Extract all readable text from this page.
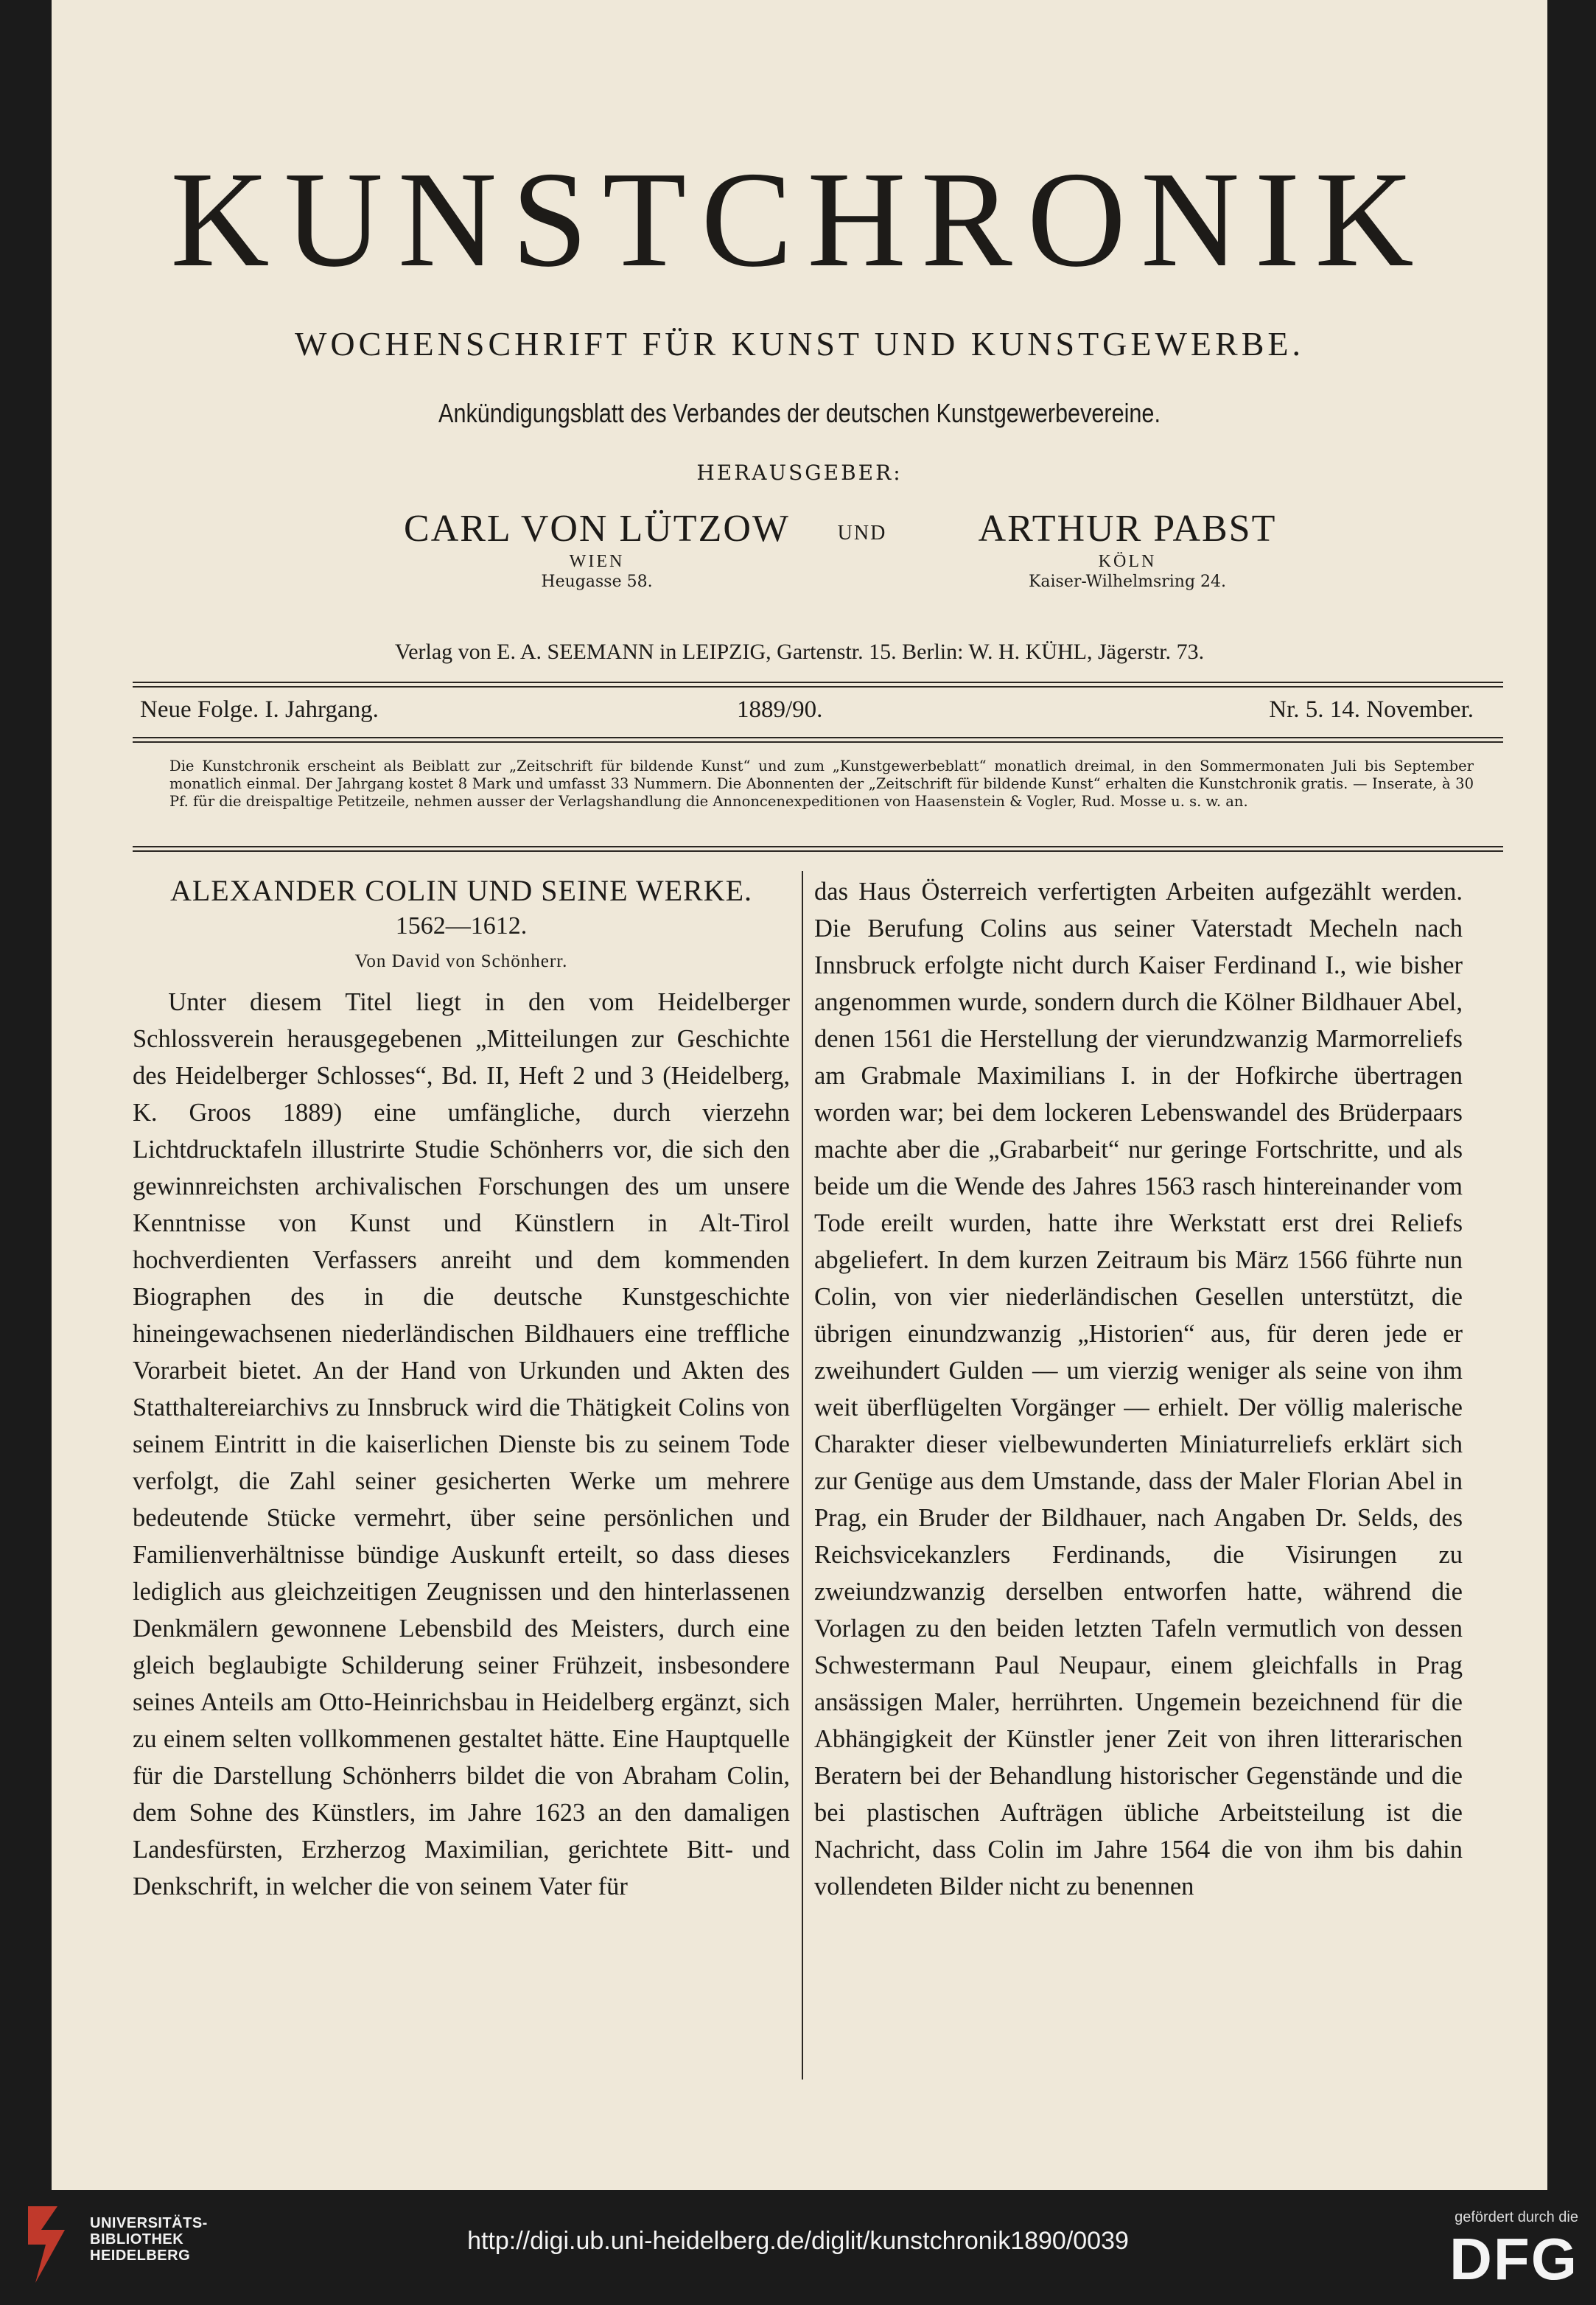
KUNSTCHRONIK
WOCHENSCHRIFT FÜR KUNST UND KUNSTGEWERBE.
Ankündigungsblatt des Verbandes der deutschen Kunstgewerbevereine.
HERAUSGEBER:
CARL VON LÜTZOW
WIEN
Heugasse 58.
UND	ARTHUR PABST
KÖLN
Kaiser-Wilhelmsring 24.
Verlag von E. A. SEEMANN in LEIPZIG, Gartenstr. 15. Berlin: W. H. KÜHL, Jägerstr. 73.
Neue Folge. I. Jahrgang.	1889/90.	Nr. 5. 14. November.
Die Kunstchronik erscheint als Beiblatt zur „Zeitschrift für bildende Kunst“ und zum „Kunstgewerbeblatt“ monatlich dreimal, in den Sommermonaten Juli bis September monatlich einmal. Der Jahrgang kostet 8 Mark und umfasst 33 Nummern. Die Abonnenten der „Zeitschrift für bildende Kunst“ erhalten die Kunstchronik gratis. — Inserate, à 30 Pf. für die dreispaltige Petitzeile, nehmen ausser der Verlagshandlung die Annoncenexpeditionen von Haasenstein & Vogler, Rud. Mosse u. s. w. an.

ALEXANDER COLIN UND SEINE WERKE.

1562—1612.

Von David von Schönherr.

Unter diesem Titel liegt in den vom Heidelberger Schlossverein herausgegebenen „Mitteilungen zur Geschichte des Heidelberger Schlosses“, Bd. II, Heft 2 und 3 (Heidelberg, K. Groos 1889) eine umfängliche, durch vierzehn Lichtdrucktafeln illustrirte Studie Schönherrs vor, die sich den gewinnreichsten archivalischen Forschungen des um unsere Kenntnisse von Kunst und Künstlern in Alt-Tirol hochverdienten Verfassers anreiht und dem kommenden Biographen des in die deutsche Kunstgeschichte hineingewachsenen niederländischen Bildhauers eine treffliche Vorarbeit bietet. An der Hand von Urkunden und Akten des Statthaltereiarchivs zu Innsbruck wird die Thätigkeit Colins von seinem Eintritt in die kaiserlichen Dienste bis zu seinem Tode verfolgt, die Zahl seiner gesicherten Werke um mehrere bedeutende Stücke vermehrt, über seine persönlichen und Familienverhältnisse bündige Auskunft erteilt, so dass dieses lediglich aus gleichzeitigen Zeugnissen und den hinterlassenen Denkmälern gewonnene Lebensbild des Meisters, durch eine gleich beglaubigte Schilderung seiner Frühzeit, insbesondere seines Anteils am Otto-Heinrichsbau in Heidelberg ergänzt, sich zu einem selten vollkommenen gestaltet hätte. Eine Hauptquelle für die Darstellung Schönherrs bildet die von Abraham Colin, dem Sohne des Künstlers, im Jahre 1623 an den damaligen Landesfürsten, Erzherzog Maximilian, gerichtete Bitt- und Denkschrift, in welcher die von seinem Vater für

das Haus Österreich verfertigten Arbeiten aufgezählt werden. Die Berufung Colins aus seiner Vaterstadt Mecheln nach Innsbruck erfolgte nicht durch Kaiser Ferdinand I., wie bisher angenommen wurde, sondern durch die Kölner Bildhauer Abel, denen 1561 die Herstellung der vierundzwanzig Marmorreliefs am Grabmale Maximilians I. in der Hofkirche übertragen worden war; bei dem lockeren Lebenswandel des Brüderpaars machte aber die „Grabarbeit“ nur geringe Fortschritte, und als beide um die Wende des Jahres 1563 rasch hintereinander vom Tode ereilt wurden, hatte ihre Werkstatt erst drei Reliefs abgeliefert. In dem kurzen Zeitraum bis März 1566 führte nun Colin, von vier niederländischen Gesellen unterstützt, die übrigen einundzwanzig „Historien“ aus, für deren jede er zweihundert Gulden — um vierzig weniger als seine von ihm weit überflügelten Vorgänger — erhielt. Der völlig malerische Charakter dieser vielbewunderten Miniaturreliefs erklärt sich zur Genüge aus dem Umstande, dass der Maler Florian Abel in Prag, ein Bruder der Bildhauer, nach Angaben Dr. Selds, des Reichsvicekanzlers Ferdinands, die Visirungen zu zweiundzwanzig derselben entworfen hatte, während die Vorlagen zu den beiden letzten Tafeln vermutlich von dessen Schwestermann Paul Neupaur, einem gleichfalls in Prag ansässigen Maler, herrührten. Ungemein bezeichnend für die Abhängigkeit der Künstler jener Zeit von ihren litterarischen Beratern bei der Behandlung historischer Gegenstände und die bei plastischen Aufträgen übliche Arbeitsteilung ist die Nachricht, dass Colin im Jahre 1564 die von ihm bis dahin vollendeten Bilder nicht zu benennen

UNIVERSITÄTS-
BIBLIOTHEK
HEIDELBERG
http://digi.ub.uni-heidelberg.de/diglit/kunstchronik1890/0039
gefördert durch die
DFG
